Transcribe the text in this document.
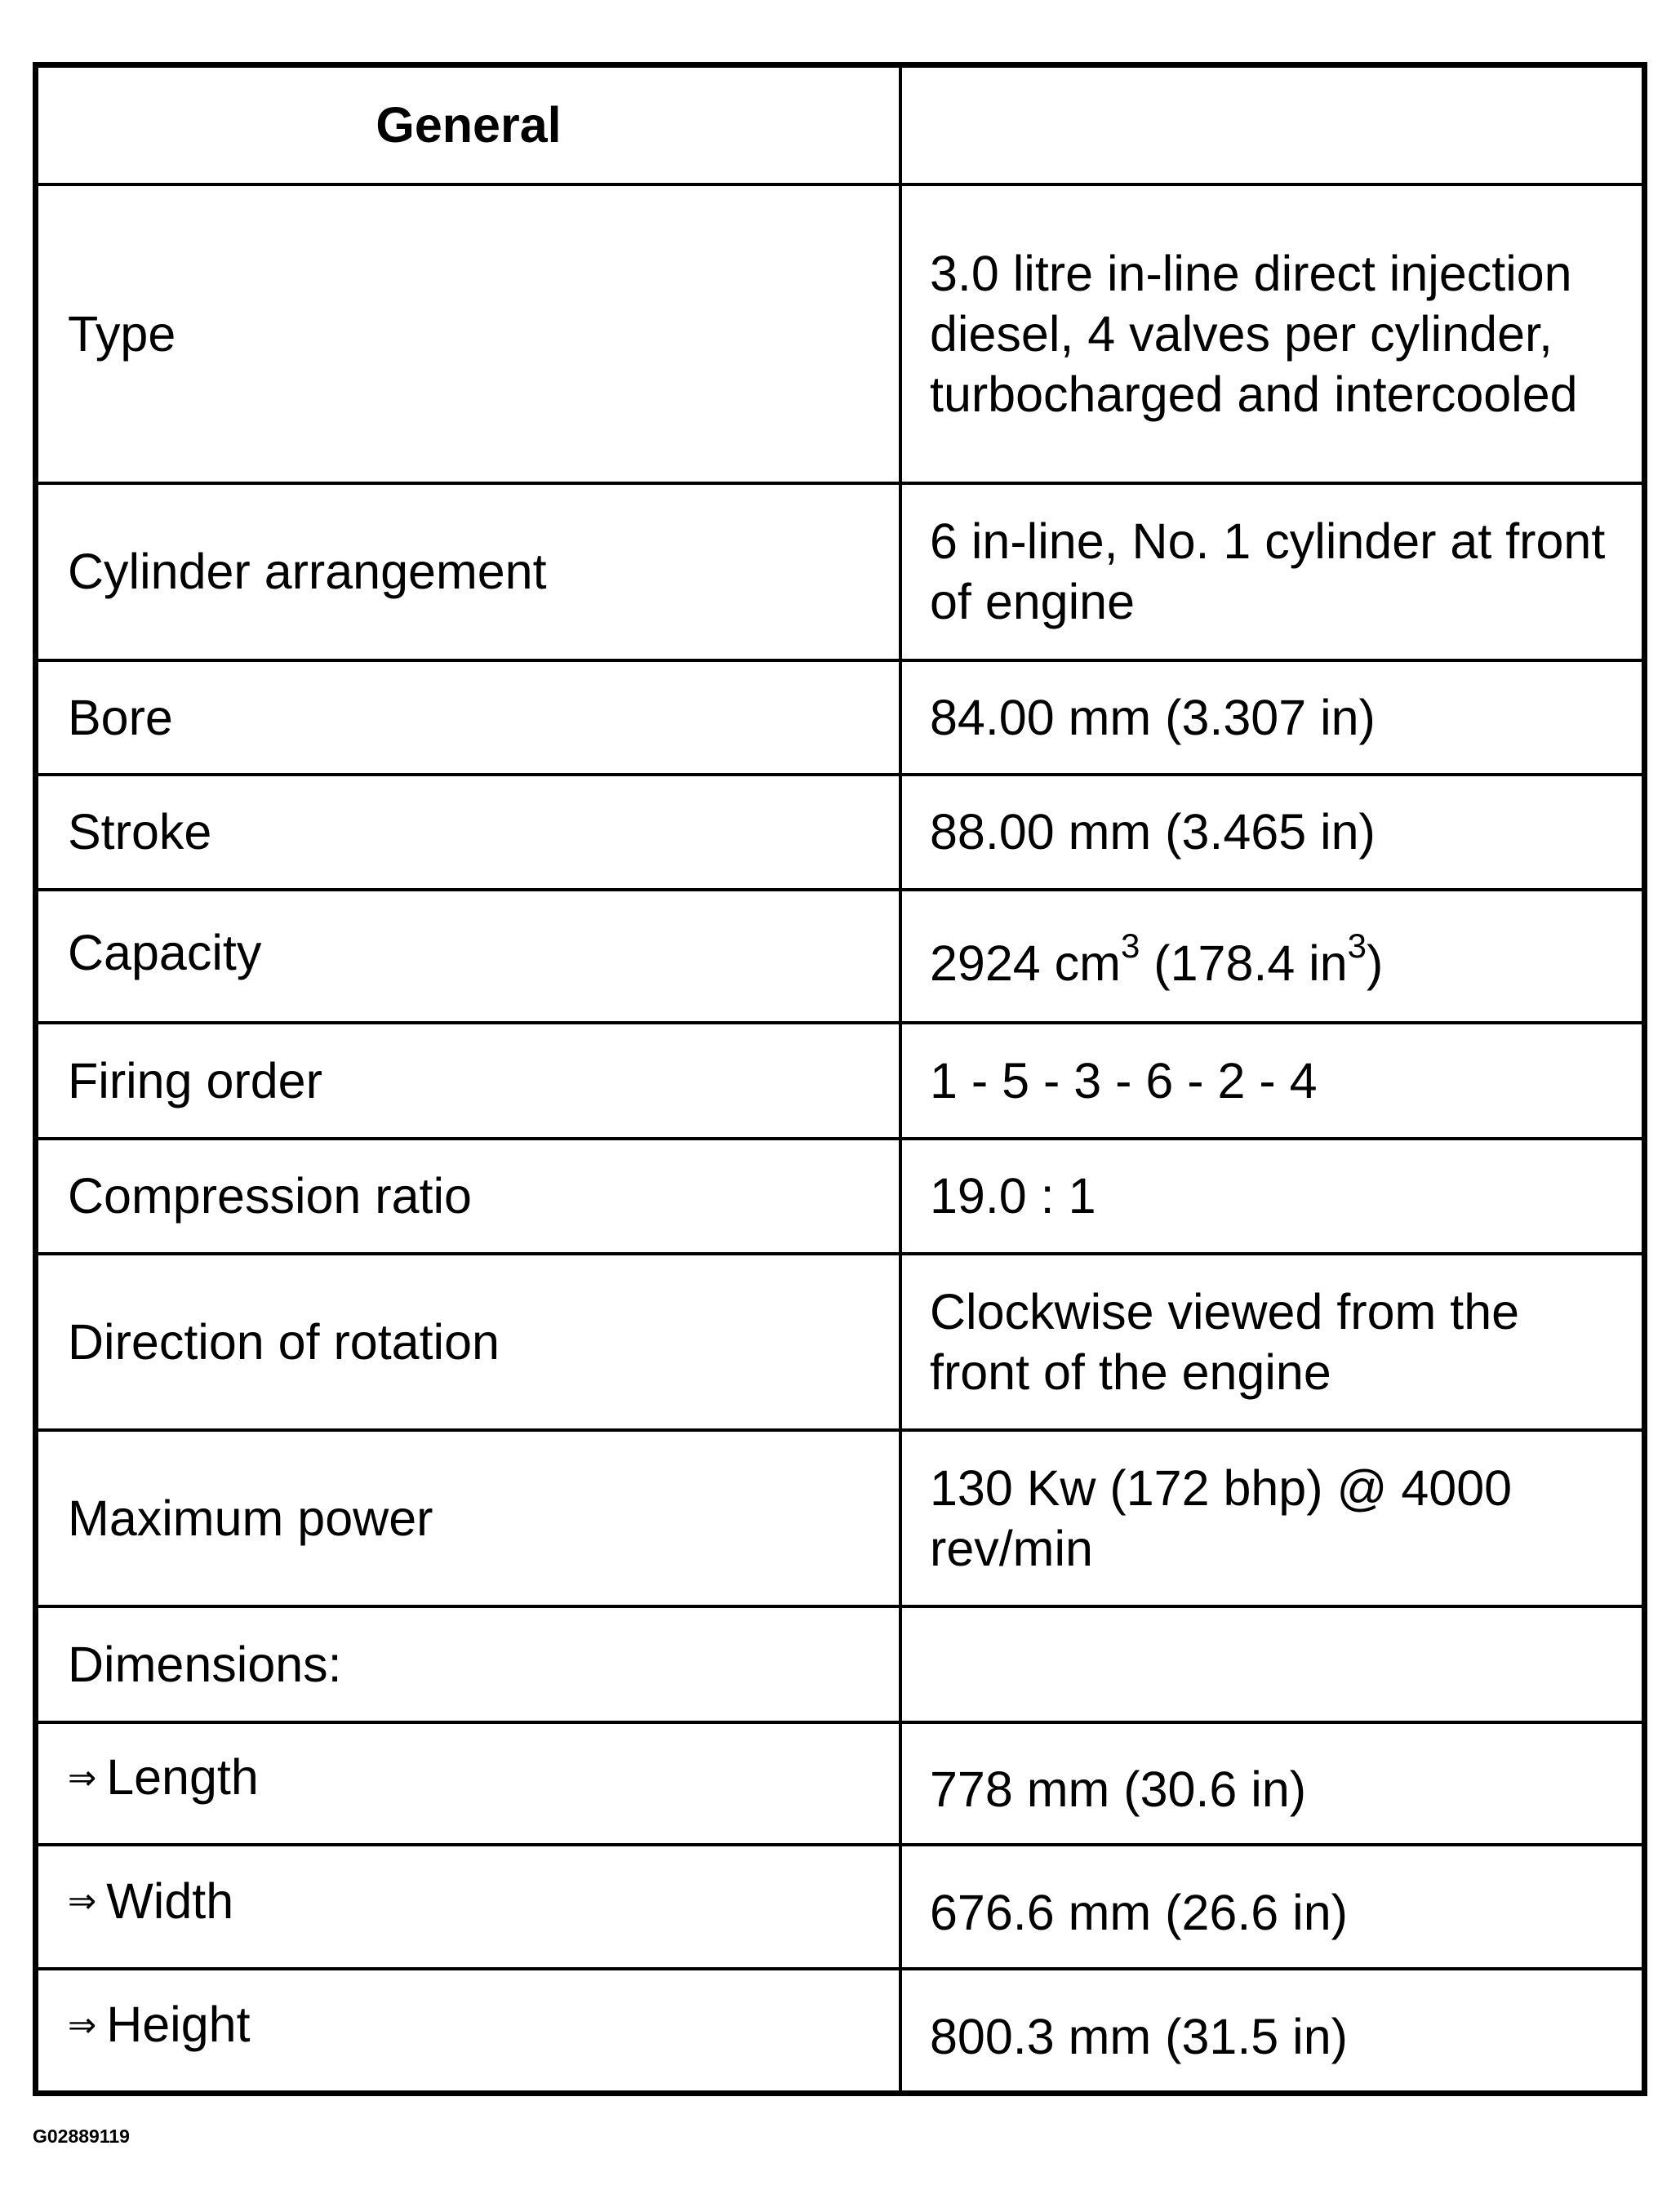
General	
Type	3.0 litre in-line direct injection diesel, 4 valves per cylinder, turbocharged and intercooled
Cylinder arrangement	6 in-line, No. 1 cylinder at front of engine
Bore	84.00 mm (3.307 in)
Stroke	88.00 mm (3.465 in)
Capacity	2924 $cm^3$ (178.4 $in^3$)
Firing order	1 - 5 - 3 - 6 - 2 - 4
Compression ratio	19.0 : 1
Direction of rotation	Clockwise viewed from the front of the engine
Maximum power	130 Kw (172 bhp) @ 4000 rev/min
Dimensions:	
⇒ Length	778 mm (30.6 in)
⇒ Width	676.6 mm (26.6 in)
⇒ Height	800.3 mm (31.5 in)
G02889119
